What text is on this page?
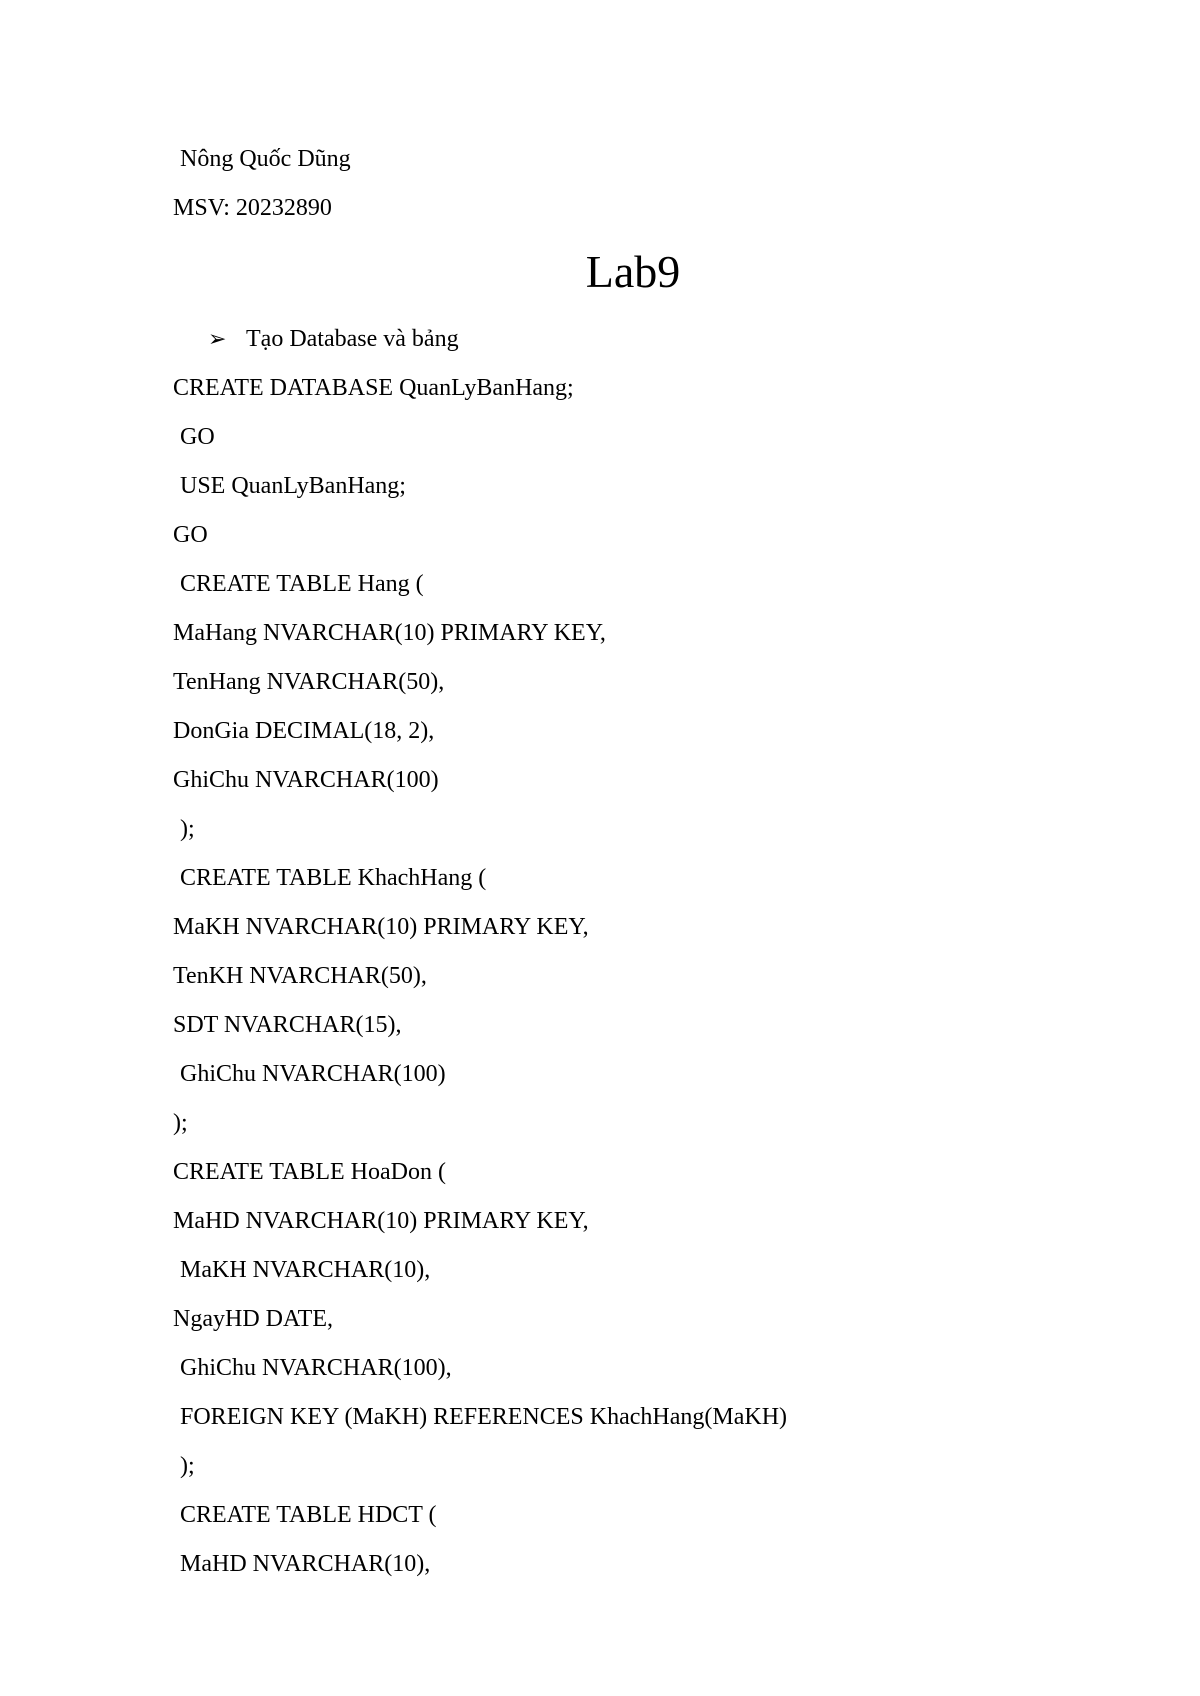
Nông Quốc Dũng
MSV: 20232890
Lab9
➢ Tạo Database và bảng
CREATE DATABASE QuanLyBanHang;
GO
USE QuanLyBanHang;
GO
CREATE TABLE Hang (
MaHang NVARCHAR(10) PRIMARY KEY,
TenHang NVARCHAR(50),
DonGia DECIMAL(18, 2),
GhiChu NVARCHAR(100)
);
CREATE TABLE KhachHang (
MaKH NVARCHAR(10) PRIMARY KEY,
TenKH NVARCHAR(50),
SDT NVARCHAR(15),
GhiChu NVARCHAR(100)
);
CREATE TABLE HoaDon (
MaHD NVARCHAR(10) PRIMARY KEY,
MaKH NVARCHAR(10),
NgayHD DATE,
GhiChu NVARCHAR(100),
FOREIGN KEY (MaKH) REFERENCES KhachHang(MaKH)
);
CREATE TABLE HDCT (
MaHD NVARCHAR(10),
